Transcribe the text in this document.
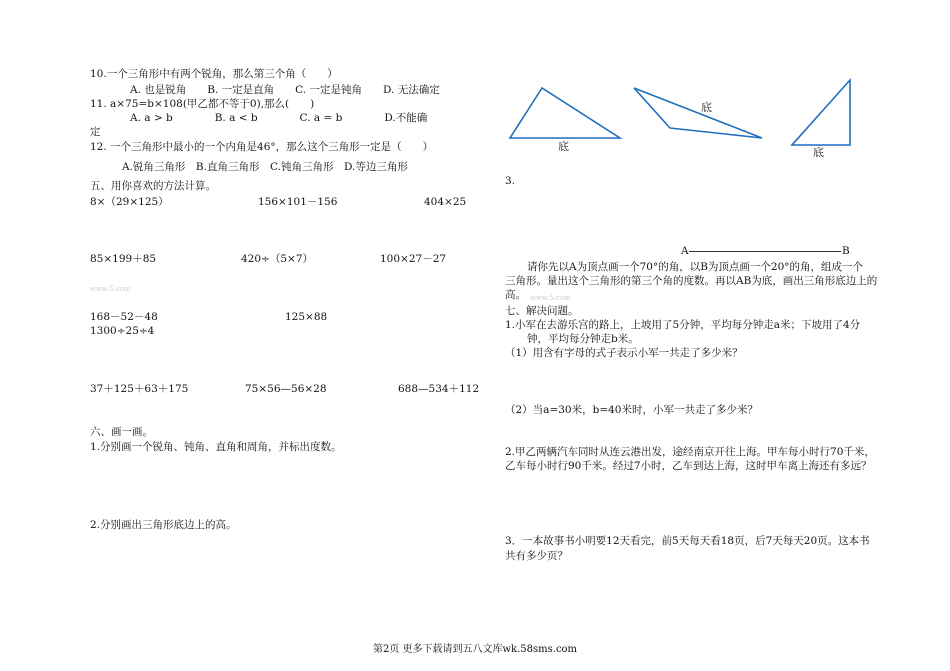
10.一个三角形中有两个锐角，那么第三个角（　　）
A. 也是锐角　　B. 一定是直角　　C. 一定是钝角　　D. 无法确定
11. a×75=b×108(甲乙都不等于0),那么(　　)
A. a > b　　　　B. a < b　　　　C. a = b　　　　D.不能确
定
12. 一个三角形中最小的一个内角是46°，那么这个三角形一定是（　　）
A.锐角三角形　B.直角三角形　C.钝角三角形　D.等边三角形
五、用你喜欢的方法计算。
8×（29×125）	156×101－156	404×25
85×199＋85	420÷（5×7）	100×27－27
www.5.com
168－52－48	125×88
1300÷25÷4
37＋125＋63＋175	75×56—56×28	688—534＋112
六、画一画。
1.分别画一个锐角、钝角、直角和周角，并标出度数。
2.分别画出三角形底边上的高。
底
底
底
3.
A	B
请你先以A为顶点画一个70°的角，以B为顶点画一个20°的角，组成一个
三角形。量出这个三角形的第三个角的度数。再以AB为底，画出三角形底边上的
高。 www.5.com
七、解决问题。
1.小军在去游乐宫的路上，上坡用了5分钟，平均每分钟走a米；下坡用了4分
钟，平均每分钟走b米。
（1）用含有字母的式子表示小军一共走了多少米？
（2）当a=30米，b=40米时，小军一共走了多少米？
2.甲乙两辆汽车同时从连云港出发，途经南京开往上海。甲车每小时行70千米，
乙车每小时行90千米。经过7小时，乙车到达上海，这时甲车离上海还有多远？
3．一本故事书小明要12天看完，前5天每天看18页，后7天每天20页。这本书
共有多少页？
第2页 更多下载请到五八文库wk.58sms.com
